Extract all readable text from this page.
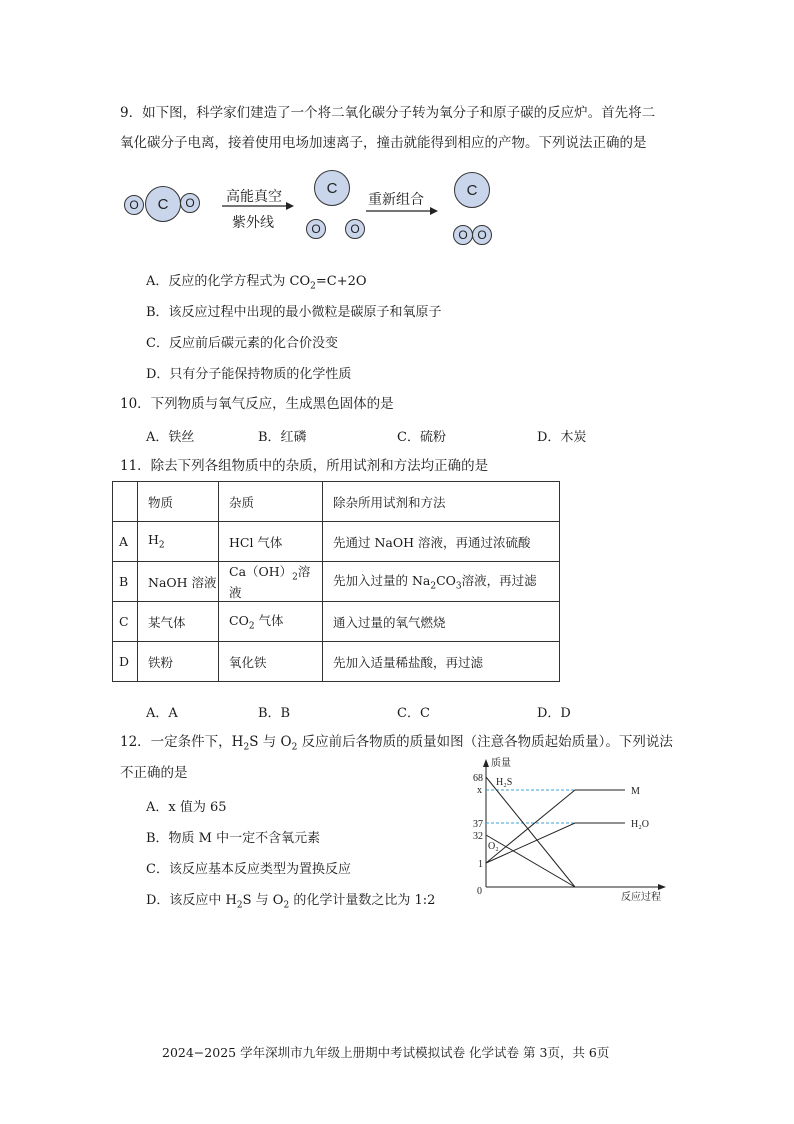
9．如下图，科学家们建造了一个将二氧化碳分子转为氧分子和原子碳的反应炉。首先将二
氧化碳分子电离，接着使用电场加速离子，撞击就能得到相应的产物。下列说法正确的是
C
O	O	高能真空
紫外线
C
O	O
重新组合
C
O O
A．反应的化学方程式为 $CO_2=C+2O$
B．该反应过程中出现的最小微粒是碳原子和氧原子
C．反应前后碳元素的化合价没变
D．只有分子能保持物质的化学性质
10．下列物质与氧气反应，生成黑色固体的是
A．铁丝	B．红磷	C．硫粉	D．木炭
11．除去下列各组物质中的杂质，所用试剂和方法均正确的是
	物质	杂质	除杂所用试剂和方法
A	$H_2$	HCl 气体	先通过 NaOH 溶液，再通过浓硫酸
B	NaOH 溶液	$Ca(OH)_2$溶液	先加入过量的 $Na_2CO_3$溶液，再过滤
C	某气体	$CO_2$ 气体	通入过量的氧气燃烧
D	铁粉	氧化铁	先加入适量稀盐酸，再过滤
A．A	B．B	C．C	D．D
12．一定条件下，$H_2S$ 与 $O_2$ 反应前后各物质的质量如图（注意各物质起始质量）。下列说法
不正确的是
A．x 值为 65
B．物质 M 中一定不含氧元素
C．该反应基本反应类型为置换反应
D．该反应中 $H_2S$ 与 $O_2$ 的化学计量数之比为 1:2
质量
反应过程
68
x
37
32
1
0
H₂S
O₂
M
H₂O
2024−2025 学年深圳市九年级上册期中考试模拟试卷 化学试卷 第 3页，共 6页
